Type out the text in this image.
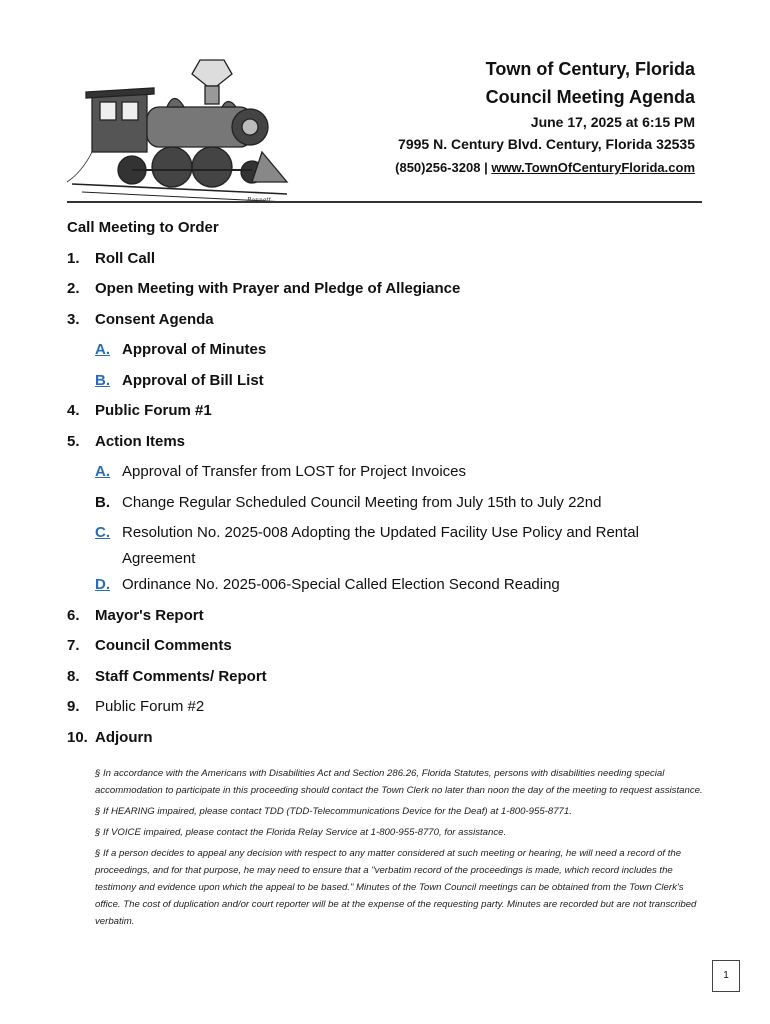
Bennett
Town of Century, Florida
Council Meeting Agenda
June 17, 2025 at 6:15 PM
7995 N. Century Blvd. Century, Florida 32535
(850)256-3208 | www.TownOfCenturyFlorida.com
Call Meeting to Order
1. Roll Call
2. Open Meeting with Prayer and Pledge of Allegiance
3. Consent Agenda
A. Approval of Minutes
B. Approval of Bill List
4. Public Forum #1
5. Action Items
A. Approval of Transfer from LOST for Project Invoices
B. Change Regular Scheduled Council Meeting from July 15th to July 22nd
C. Resolution No. 2025-008 Adopting the Updated Facility Use Policy and Rental Agreement
D. Ordinance No. 2025-006-Special Called Election Second Reading
6. Mayor's Report
7. Council Comments
8. Staff Comments/ Report
9. Public Forum #2
10. Adjourn

§ In accordance with the Americans with Disabilities Act and Section 286.26, Florida Statutes, persons with disabilities needing special accommodation to participate in this proceeding should contact the Town Clerk no later than noon the day of the meeting to request assistance.

§ If HEARING impaired, please contact TDD (TDD-Telecommunications Device for the Deaf) at 1-800-955-8771.

§ If VOICE impaired, please contact the Florida Relay Service at 1-800-955-8770, for assistance.

§ If a person decides to appeal any decision with respect to any matter considered at such meeting or hearing, he will need a record of the proceedings, and for that purpose, he may need to ensure that a "verbatim record of the proceedings is made, which record includes the testimony and evidence upon which the appeal to be based." Minutes of the Town Council meetings can be obtained from the Town Clerk's office. The cost of duplication and/or court reporter will be at the expense of the requesting party. Minutes are recorded but are not transcribed verbatim.

1
